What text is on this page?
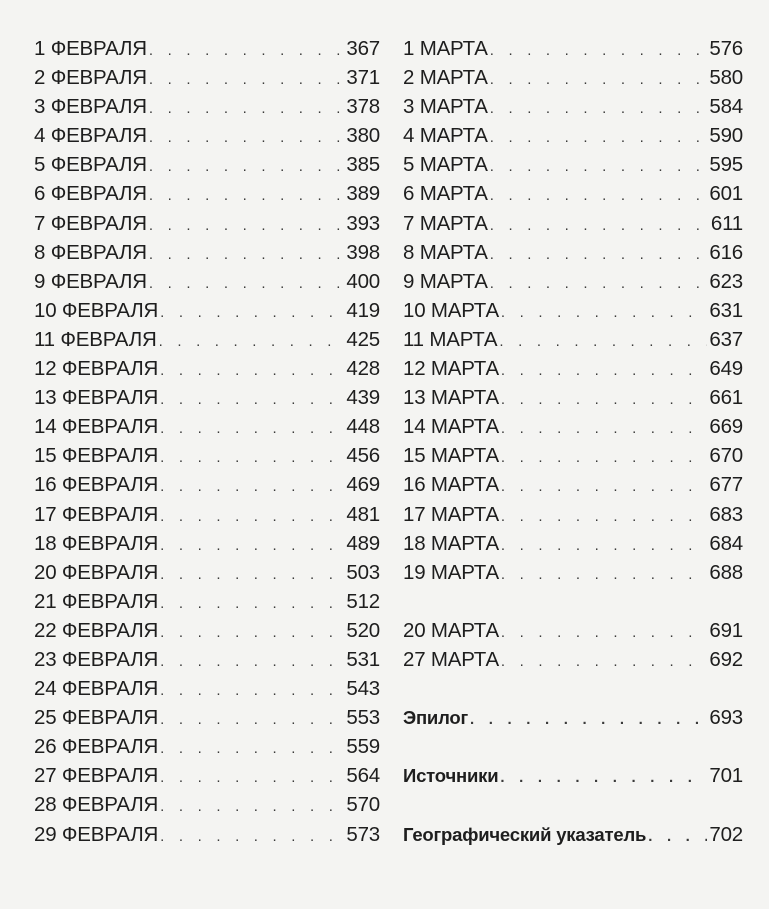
1 ФЕВРАЛЯ . . .	367
2 ФЕВРАЛЯ . . .	371
3 ФЕВРАЛЯ . . .	378
4 ФЕВРАЛЯ . . .	380
5 ФЕВРАЛЯ . . .	385
6 ФЕВРАЛЯ . . .	389
7 ФЕВРАЛЯ . . .	393
8 ФЕВРАЛЯ . . .	398
9 ФЕВРАЛЯ . . .	400
10 ФЕВРАЛЯ . . .	419
11 ФЕВРАЛЯ . . .	425
12 ФЕВРАЛЯ . . .	428
13 ФЕВРАЛЯ . . .	439
14 ФЕВРАЛЯ . . .	448
15 ФЕВРАЛЯ . . .	456
16 ФЕВРАЛЯ . . .	469
17 ФЕВРАЛЯ . . .	481
18 ФЕВРАЛЯ . . .	489
20 ФЕВРАЛЯ . . .	503
21 ФЕВРАЛЯ . . .	512
22 ФЕВРАЛЯ . . .	520
23 ФЕВРАЛЯ . . .	531
24 ФЕВРАЛЯ . . .	543
25 ФЕВРАЛЯ . . .	553
26 ФЕВРАЛЯ . . .	559
27 ФЕВРАЛЯ . . .	564
28 ФЕВРАЛЯ . . .	570
29 ФЕВРАЛЯ . . .	573
1 МАРТА . . .	576
2 МАРТА . . .	580
3 МАРТА . . .	584
4 МАРТА . . .	590
5 МАРТА . . .	595
6 МАРТА . . .	601
7 МАРТА . . .	611
8 МАРТА . . .	616
9 МАРТА . . .	623
10 МАРТА . . .	631
11 МАРТА . . .	637
12 МАРТА . . .	649
13 МАРТА . . .	661
14 МАРТА . . .	669
15 МАРТА . . .	670
16 МАРТА . . .	677
17 МАРТА . . .	683
18 МАРТА . . .	684
19 МАРТА . . .	688
20 МАРТА . . .	691
27 МАРТА . . .	692
Эпилог . . .	693
Источники . . .	701
Географический указатель . . .	702
